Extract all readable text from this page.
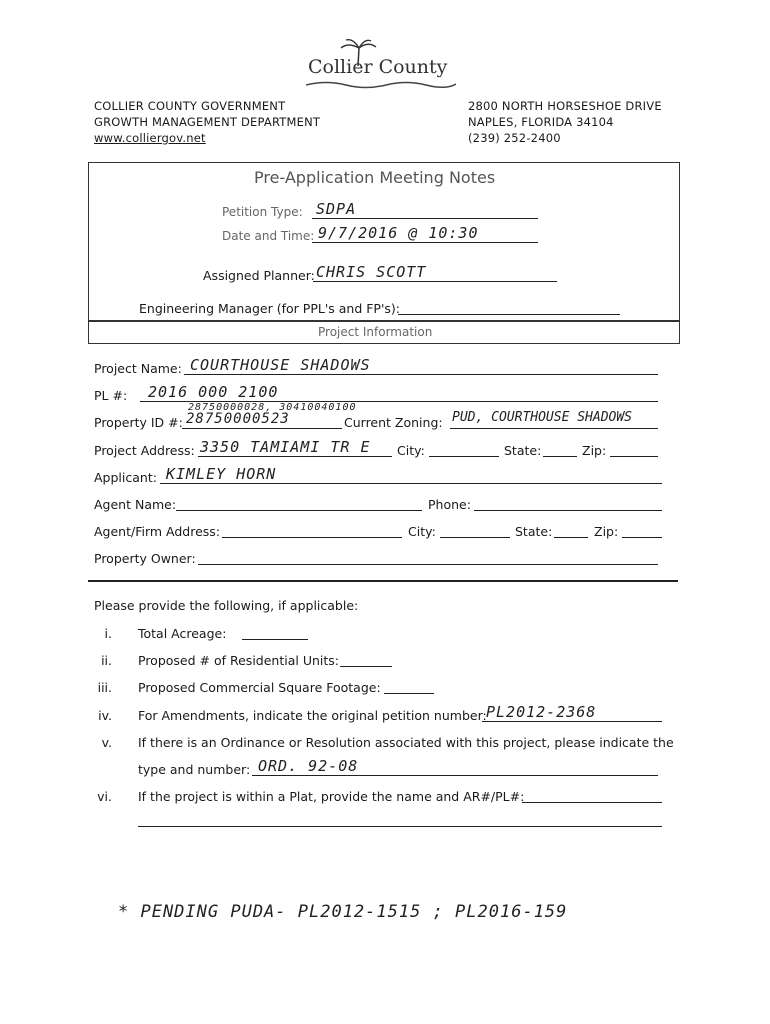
Collier County
COLLIER COUNTY GOVERNMENT
GROWTH MANAGEMENT DEPARTMENT
www.colliergov.net
2800 NORTH HORSESHOE DRIVE
NAPLES, FLORIDA 34104
(239) 252-2400
Pre-Application Meeting Notes
Petition Type: SDPA
Date and Time: 9/7/2016 @ 10:30
Assigned Planner: CHRIS SCOTT
Engineering Manager (for PPL's and FP's):
Project Information
Project Name: COURTHOUSE SHADOWS
PL #: 2016 000 2100
28750000028, 30410040100
Property ID #: 28750000523	Current Zoning: PUD, COURTHOUSE SHADOWS
Project Address: 3350 TAMIAMI TR E City:	State:	Zip:
Applicant: KIMLEY HORN
Agent Name:	Phone:
Agent/Firm Address:	City:	State:	Zip:
Property Owner:
Please provide the following, if applicable:
i. Total Acreage:
ii. Proposed # of Residential Units:
iii. Proposed Commercial Square Footage:
iv. For Amendments, indicate the original petition number: PL2012-2368
v. If there is an Ordinance or Resolution associated with this project, please indicate the
type and number: ORD. 92-08
vi. If the project is within a Plat, provide the name and AR#/PL#:
* PENDING PUDA- PL2012-1515 ; PL2016-159
